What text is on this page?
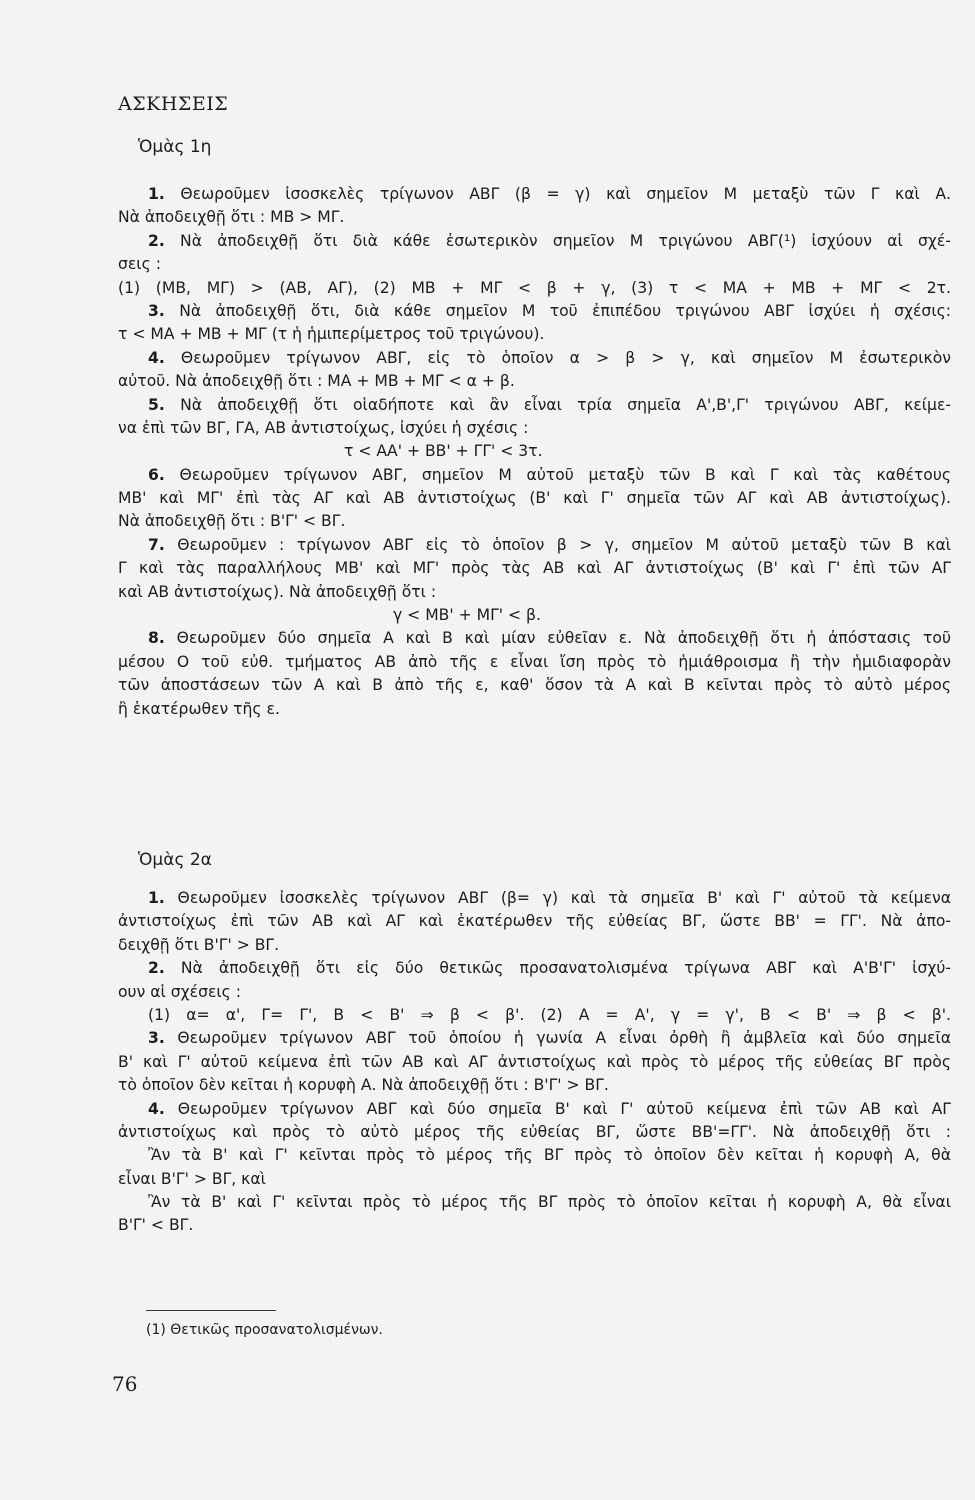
ΑΣΚΗΣΕΙΣ
Ὁμὰς 1η
1. Θεωροῦμεν ἰσοσκελὲς τρίγωνον ΑΒΓ (β = γ) καὶ σημεῖον Μ μεταξὺ τῶν Γ καὶ Α.
Νὰ ἀποδειχθῇ ὅτι : ΜΒ > ΜΓ.
2. Νὰ ἀποδειχθῇ ὅτι διὰ κάθε ἐσωτερικὸν σημεῖον Μ τριγώνου ΑΒΓ(¹) ἰσχύουν αἱ σχέ-
σεις :
(1) (ΜΒ, ΜΓ) > (ΑΒ, ΑΓ), (2) ΜΒ + ΜΓ < β + γ, (3) τ < ΜΑ + ΜΒ + ΜΓ < 2τ.
3. Νὰ ἀποδειχθῇ ὅτι, διὰ κάθε σημεῖον Μ τοῦ ἐπιπέδου τριγώνου ΑΒΓ ἰσχύει ἡ σχέσις:
τ < ΜΑ + ΜΒ + ΜΓ (τ ἡ ἡμιπερίμετρος τοῦ τριγώνου).
4. Θεωροῦμεν τρίγωνον ΑΒΓ, εἰς τὸ ὁποῖον α > β > γ, καὶ σημεῖον Μ ἐσωτερικὸν
αὐτοῦ. Νὰ ἀποδειχθῇ ὅτι : ΜΑ + ΜΒ + ΜΓ < α + β.
5. Νὰ ἀποδειχθῇ ὅτι οἱαδήποτε καὶ ἂν εἶναι τρία σημεῖα Α',Β',Γ' τριγώνου ΑΒΓ, κείμε-
να ἐπὶ τῶν ΒΓ, ΓΑ, ΑΒ ἀντιστοίχως, ἰσχύει ἡ σχέσις :
τ < ΑΑ' + ΒΒ' + ΓΓ' < 3τ.
6. Θεωροῦμεν τρίγωνον ΑΒΓ, σημεῖον Μ αὐτοῦ μεταξὺ τῶν Β καὶ Γ καὶ τὰς καθέτους
ΜΒ' καὶ ΜΓ' ἐπὶ τὰς ΑΓ καὶ ΑΒ ἀντιστοίχως (Β' καὶ Γ' σημεῖα τῶν ΑΓ καὶ ΑΒ ἀντιστοίχως).
Νὰ ἀποδειχθῇ ὅτι : Β'Γ' < ΒΓ.
7. Θεωροῦμεν : τρίγωνον ΑΒΓ εἰς τὸ ὁποῖον β > γ, σημεῖον Μ αὐτοῦ μεταξὺ τῶν Β καὶ
Γ καὶ τὰς παραλλήλους ΜΒ' καὶ ΜΓ' πρὸς τὰς ΑΒ καὶ ΑΓ ἀντιστοίχως (Β' καὶ Γ' ἐπὶ τῶν ΑΓ
καὶ ΑΒ ἀντιστοίχως). Νὰ ἀποδειχθῇ ὅτι :
γ < ΜΒ' + ΜΓ' < β.
8. Θεωροῦμεν δύο σημεῖα Α καὶ Β καὶ μίαν εὐθεῖαν ε. Νὰ ἀποδειχθῇ ὅτι ἡ ἀπόστασις τοῦ
μέσου Ο τοῦ εὐθ. τμήματος ΑΒ ἀπὸ τῆς ε εἶναι ἴση πρὸς τὸ ἡμιάθροισμα ἢ τὴν ἡμιδιαφορὰν
τῶν ἀποστάσεων τῶν Α καὶ Β ἀπὸ τῆς ε, καθ' ὅσον τὰ Α καὶ Β κεῖνται πρὸς τὸ αὐτὸ μέρος
ἢ ἑκατέρωθεν τῆς ε.
Ὁμὰς 2α
1. Θεωροῦμεν ἰσοσκελὲς τρίγωνον ΑΒΓ (β= γ) καὶ τὰ σημεῖα Β' καὶ Γ' αὐτοῦ τὰ κείμενα
ἀντιστοίχως ἐπὶ τῶν ΑΒ καὶ ΑΓ καὶ ἑκατέρωθεν τῆς εὐθείας ΒΓ, ὥστε ΒΒ' = ΓΓ'. Νὰ ἀπο-
δειχθῇ ὅτι Β'Γ' > ΒΓ.
2. Νὰ ἀποδειχθῇ ὅτι εἰς δύο θετικῶς προσανατολισμένα τρίγωνα ΑΒΓ καὶ Α'Β'Γ' ἰσχύ-
ουν αἱ σχέσεις :
(1) α= α', Γ= Γ', Β < Β' ⇒ β < β'. (2) Α = Α', γ = γ', Β < Β' ⇒ β < β'.
3. Θεωροῦμεν τρίγωνον ΑΒΓ τοῦ ὁποίου ἡ γωνία Α εἶναι ὀρθὴ ἢ ἀμβλεῖα καὶ δύο σημεῖα
Β' καὶ Γ' αὐτοῦ κείμενα ἐπὶ τῶν ΑΒ καὶ ΑΓ ἀντιστοίχως καὶ πρὸς τὸ μέρος τῆς εὐθείας ΒΓ πρὸς
τὸ ὁποῖον δὲν κεῖται ἡ κορυφὴ Α. Νὰ ἀποδειχθῇ ὅτι : Β'Γ' > ΒΓ.
4. Θεωροῦμεν τρίγωνον ΑΒΓ καὶ δύο σημεῖα Β' καὶ Γ' αὐτοῦ κείμενα ἐπὶ τῶν ΑΒ καὶ ΑΓ
ἀντιστοίχως καὶ πρὸς τὸ αὐτὸ μέρος τῆς εὐθείας ΒΓ, ὥστε ΒΒ'=ΓΓ'. Νὰ ἀποδειχθῇ ὅτι :
Ἂν τὰ Β' καὶ Γ' κεῖνται πρὸς τὸ μέρος τῆς ΒΓ πρὸς τὸ ὁποῖον δὲν κεῖται ἡ κορυφὴ Α, θὰ
εἶναι Β'Γ' > ΒΓ, καὶ
Ἂν τὰ Β' καὶ Γ' κεῖνται πρὸς τὸ μέρος τῆς ΒΓ πρὸς τὸ ὁποῖον κεῖται ἡ κορυφὴ Α, θὰ εἶναι
Β'Γ' < ΒΓ.
(1) Θετικῶς προσανατολισμένων.
76
